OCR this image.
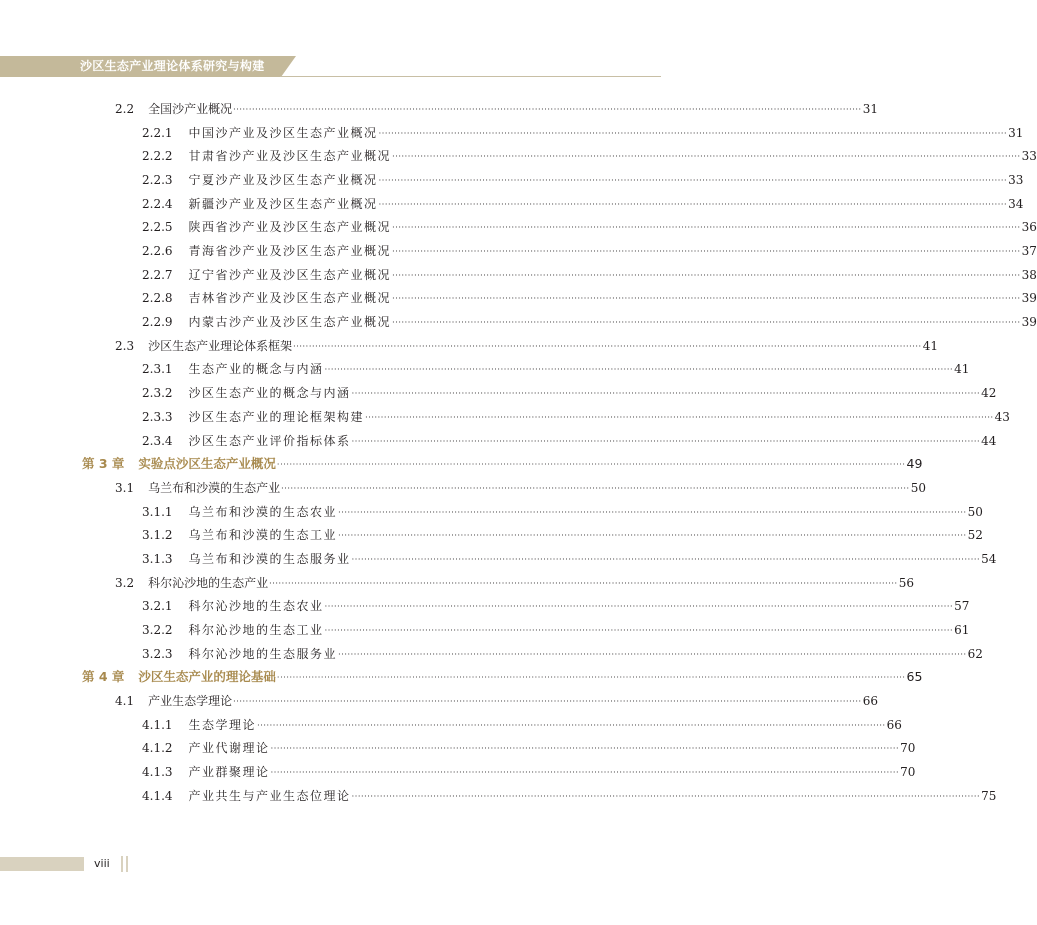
沙区生态产业理论体系研究与构建
2.2 全国沙产业概况 ········································································································································································································ 31
2.2.1 中国沙产业及沙区生态产业概况 ········································································································································································································ 31
2.2.2 甘肃省沙产业及沙区生态产业概况 ········································································································································································································ 33
2.2.3 宁夏沙产业及沙区生态产业概况 ········································································································································································································ 33
2.2.4 新疆沙产业及沙区生态产业概况 ········································································································································································································ 34
2.2.5 陕西省沙产业及沙区生态产业概况 ········································································································································································································ 36
2.2.6 青海省沙产业及沙区生态产业概况 ········································································································································································································ 37
2.2.7 辽宁省沙产业及沙区生态产业概况 ········································································································································································································ 38
2.2.8 吉林省沙产业及沙区生态产业概况 ········································································································································································································ 39
2.2.9 内蒙古沙产业及沙区生态产业概况 ········································································································································································································ 39
2.3 沙区生态产业理论体系框架 ········································································································································································································ 41
2.3.1 生态产业的概念与内涵 ········································································································································································································ 41
2.3.2 沙区生态产业的概念与内涵 ········································································································································································································ 42
2.3.3 沙区生态产业的理论框架构建 ········································································································································································································ 43
2.3.4 沙区生态产业评价指标体系 ········································································································································································································ 44
第 3 章 实验点沙区生态产业概况 ········································································································································································································ 49
3.1 乌兰布和沙漠的生态产业 ········································································································································································································ 50
3.1.1 乌兰布和沙漠的生态农业 ········································································································································································································ 50
3.1.2 乌兰布和沙漠的生态工业 ········································································································································································································ 52
3.1.3 乌兰布和沙漠的生态服务业 ········································································································································································································ 54
3.2 科尔沁沙地的生态产业 ········································································································································································································ 56
3.2.1 科尔沁沙地的生态农业 ········································································································································································································ 57
3.2.2 科尔沁沙地的生态工业 ········································································································································································································ 61
3.2.3 科尔沁沙地的生态服务业 ········································································································································································································ 62
第 4 章 沙区生态产业的理论基础 ········································································································································································································ 65
4.1 产业生态学理论 ········································································································································································································ 66
4.1.1 生态学理论 ········································································································································································································ 66
4.1.2 产业代谢理论 ········································································································································································································ 70
4.1.3 产业群聚理论 ········································································································································································································ 70
4.1.4 产业共生与产业生态位理论 ········································································································································································································ 75
viii
